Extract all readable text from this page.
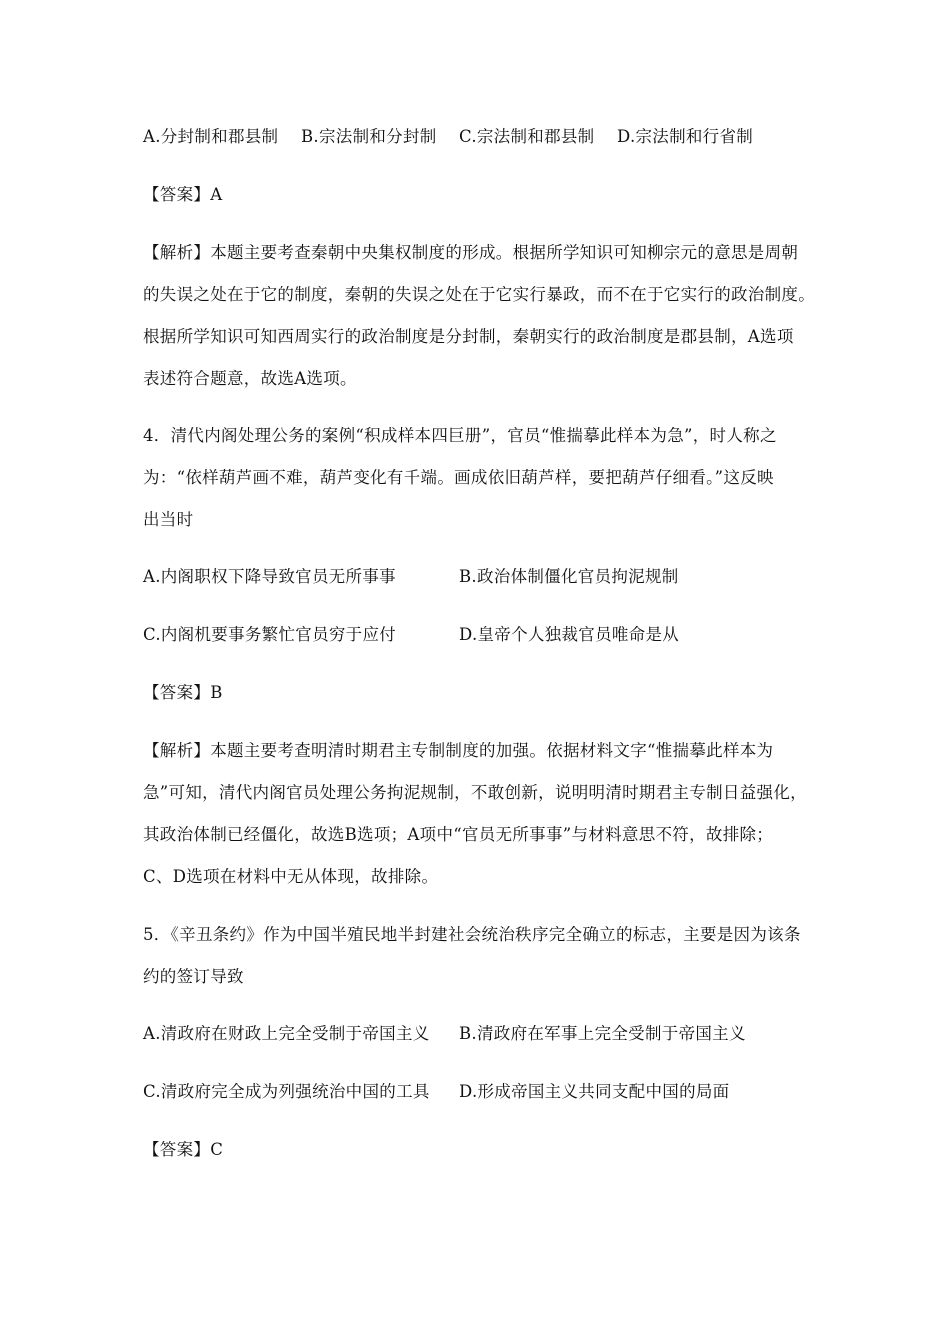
A.分封制和郡县制 B.宗法制和分封制 C.宗法制和郡县制 D.宗法制和行省制
【答案】A
【解析】本题主要考查秦朝中央集权制度的形成。根据所学知识可知柳宗元的意思是周朝
的失误之处在于它的制度，秦朝的失误之处在于它实行暴政，而不在于它实行的政治制度。
根据所学知识可知西周实行的政治制度是分封制，秦朝实行的政治制度是郡县制，A选项
表述符合题意，故选A选项。
4．清代内阁处理公务的案例“积成样本四巨册”，官员“惟揣摹此样本为急”，时人称之
为：“依样葫芦画不难，葫芦变化有千端。画成依旧葫芦样，要把葫芦仔细看。”这反映
出当时
A.内阁职权下降导致官员无所事事	B.政治体制僵化官员拘泥规制
C.内阁机要事务繁忙官员穷于应付	D.皇帝个人独裁官员唯命是从
【答案】B
【解析】本题主要考查明清时期君主专制制度的加强。依据材料文字“惟揣摹此样本为
急”可知，清代内阁官员处理公务拘泥规制，不敢创新，说明明清时期君主专制日益强化，
其政治体制已经僵化，故选B选项；A项中“官员无所事事”与材料意思不符，故排除；
C、D选项在材料中无从体现，故排除。
5．《辛丑条约》作为中国半殖民地半封建社会统治秩序完全确立的标志，主要是因为该条
约的签订导致
A.清政府在财政上完全受制于帝国主义 B.清政府在军事上完全受制于帝国主义
C.清政府完全成为列强统治中国的工具 D.形成帝国主义共同支配中国的局面
【答案】C
